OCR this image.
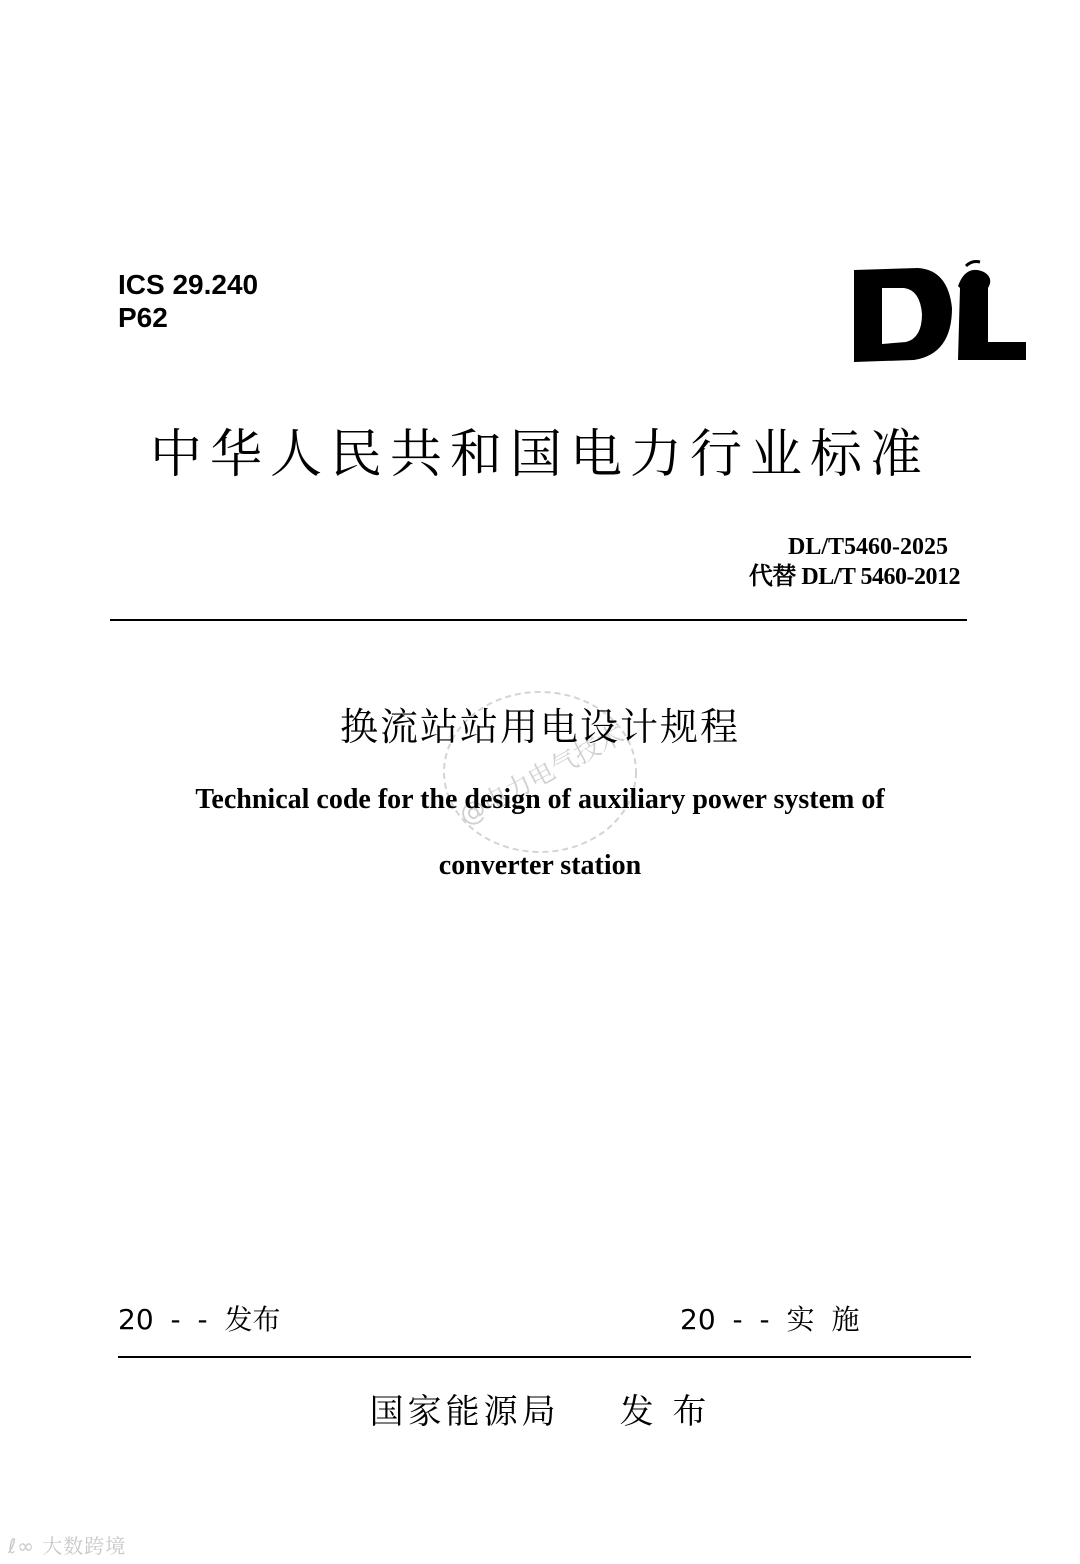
ICS 29.240
P62
中华人民共和国电力行业标准
DL/T5460-2025
代替 DL/T 5460-2012
@电力电气技术
换流站站用电设计规程
Technical code for the design of auxiliary power system of
converter station
20 - - 发布	20 - - 实 施
国家能源局 发 布
ℓ∞ 大数跨境
